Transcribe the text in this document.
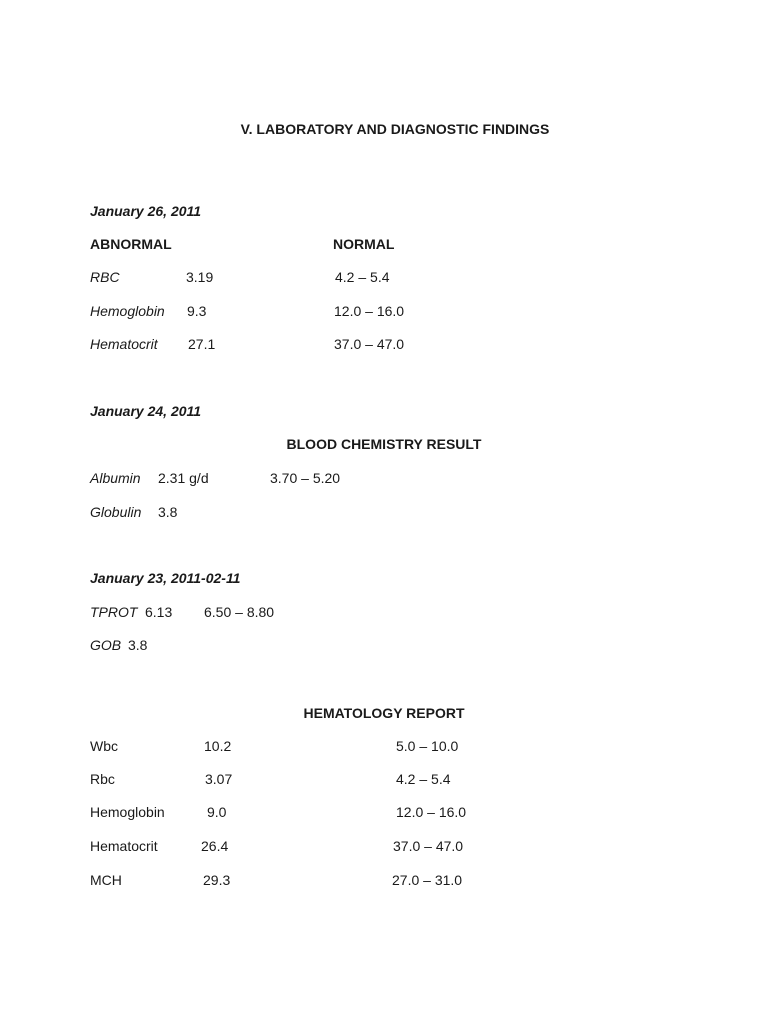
V. LABORATORY AND DIAGNOSTIC FINDINGS
January 26, 2011
ABNORMAL	NORMAL
RBC	3.19	4.2 – 5.4
Hemoglobin 9.3	12.0 – 16.0
Hematocrit 27.1	37.0 – 47.0
January 24, 2011
BLOOD CHEMISTRY RESULT
Albumin 2.31 g/d	3.70 – 5.20
Globulin 3.8
January 23, 2011-02-11
TPROT 6.13 6.50 – 8.80
GOB 3.8
HEMATOLOGY REPORT
Wbc	10.2	5.0 – 10.0
Rbc	3.07	4.2 – 5.4
Hemoglobin	9.0	12.0 – 16.0
Hematocrit	26.4	37.0 – 47.0
MCH	29.3	27.0 – 31.0
